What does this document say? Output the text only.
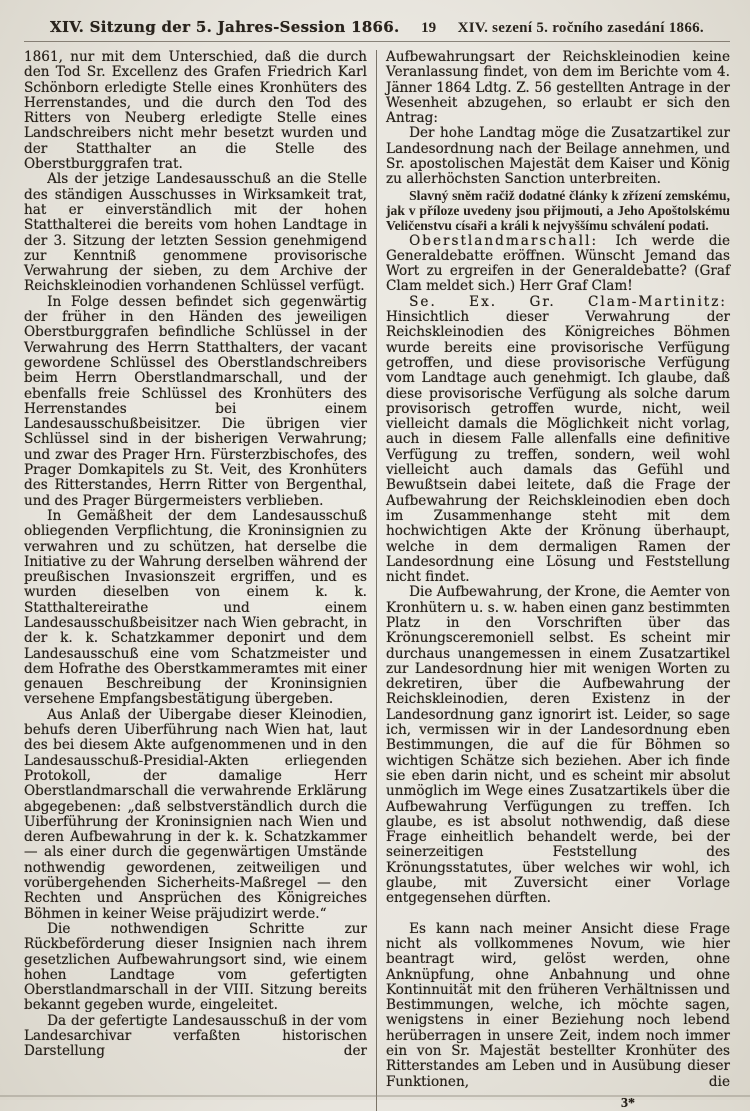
XIV. Sitzung der 5. Jahres-Session 1866.	19	XIV. sezení 5. ročního zasedání 1866.

1861, nur mit dem Unterschied, daß die durch den Tod Sr. Excellenz des Grafen Friedrich Karl Schönborn erledigte Stelle eines Kronhüters des Herrenstandes, und die durch den Tod des Ritters von Neuberg erledigte Stelle eines Landschreibers nicht mehr besetzt wurden und der Statthalter an die Stelle des Oberstburggrafen trat.

Als der jetzige Landesausschuß an die Stelle des ständigen Ausschusses in Wirksamkeit trat, hat er einverständlich mit der hohen Statthalterei die bereits vom hohen Landtage in der 3. Sitzung der letzten Session genehmigend zur Kenntniß genommene provisorische Verwahrung der sieben, zu dem Archive der Reichskleinodien vorhandenen Schlüssel verfügt.

In Folge dessen befindet sich gegenwärtig der früher in den Händen des jeweiligen Oberstburggrafen befindliche Schlüssel in der Verwahrung des Herrn Statthalters, der vacant gewordene Schlüssel des Oberstlandschreibers beim Herrn Oberstlandmarschall, und der ebenfalls freie Schlüssel des Kronhüters des Herrenstandes bei einem Landesausschußbeisitzer. Die übrigen vier Schlüssel sind in der bisherigen Verwahrung; und zwar des Prager Hrn. Fürsterzbischofes, des Prager Domkapitels zu St. Veit, des Kronhüters des Ritterstandes, Herrn Ritter von Bergenthal, und des Prager Bürgermeisters verblieben.

In Gemäßheit der dem Landesausschuß obliegenden Verpflichtung, die Kroninsignien zu verwahren und zu schützen, hat derselbe die Initiative zu der Wahrung derselben während der preußischen Invasionszeit ergriffen, und es wurden dieselben von einem k. k. Statthaltereirathe und einem Landesausschußbeisitzer nach Wien gebracht, in der k. k. Schatzkammer deponirt und dem Landesausschuß eine vom Schatzmeister und dem Hofrathe des Oberstkammeramtes mit einer genauen Beschreibung der Kroninsignien versehene Empfangsbestätigung übergeben.

Aus Anlaß der Uibergabe dieser Kleinodien, behufs deren Uiberführung nach Wien hat, laut des bei diesem Akte aufgenommenen und in den Landesausschuß-Presidial-Akten erliegenden Protokoll, der damalige Herr Oberstlandmarschall die verwahrende Erklärung abgegebenen: „daß selbstverständlich durch die Uiberführung der Kroninsignien nach Wien und deren Aufbewahrung in der k. k. Schatzkammer — als einer durch die gegenwärtigen Umstände nothwendig gewordenen, zeitweiligen und vorübergehenden Sicherheits-Maßregel — den Rechten und Ansprüchen des Königreiches Böhmen in keiner Weise präjudizirt werde.“

Die nothwendigen Schritte zur Rückbeförderung dieser Insignien nach ihrem gesetzlichen Aufbewahrungsort sind, wie einem hohen Landtage vom gefertigten Oberstlandmarschall in der VIII. Sitzung bereits bekannt gegeben wurde, eingeleitet.

Da der gefertigte Landesausschuß in der vom Landesarchivar verfaßten historischen Darstellung der

Aufbewahrungsart der Reichskleinodien keine Veranlassung findet, von dem im Berichte vom 4. Jänner 1864 Ldtg. Z. 56 gestellten Antrage in der Wesenheit abzugehen, so erlaubt er sich den Antrag:

Der hohe Landtag möge die Zusatzartikel zur Landesordnung nach der Beilage annehmen, und Sr. apostolischen Majestät dem Kaiser und König zu allerhöchsten Sanction unterbreiten.

Slavný sněm račiž dodatné články k zřízení zemskému, jak v příloze uvedeny jsou přijmouti, a Jeho Apoštolskému Veličenstvu císaři a králi k nejvyššímu schválení podati.

Oberstlandmarschall: Ich werde die Generaldebatte eröffnen. Wünscht Jemand das Wort zu ergreifen in der Generaldebatte? (Graf Clam meldet sich.) Herr Graf Clam!

Se. Ex. Gr. Clam-Martinitz: Hinsichtlich dieser Verwahrung der Reichskleinodien des Königreiches Böhmen wurde bereits eine provisorische Verfügung getroffen, und diese provisorische Verfügung vom Landtage auch genehmigt. Ich glaube, daß diese provisorische Verfügung als solche darum provisorisch getroffen wurde, nicht, weil vielleicht damals die Möglichkeit nicht vorlag, auch in diesem Falle allenfalls eine definitive Verfügung zu treffen, sondern, weil wohl vielleicht auch damals das Gefühl und Bewußtsein dabei leitete, daß die Frage der Aufbewahrung der Reichskleinodien eben doch im Zusammenhange steht mit dem hochwichtigen Akte der Krönung überhaupt, welche in dem dermaligen Ramen der Landesordnung eine Lösung und Feststellung nicht findet.

Die Aufbewahrung, der Krone, die Aemter von Kronhütern u. s. w. haben einen ganz bestimmten Platz in den Vorschriften über das Krönungsceremoniell selbst. Es scheint mir durchaus unangemessen in einem Zusatzartikel zur Landesordnung hier mit wenigen Worten zu dekretiren, über die Aufbewahrung der Reichskleinodien, deren Existenz in der Landesordnung ganz ignorirt ist. Leider, so sage ich, vermissen wir in der Landesordnung eben Bestimmungen, die auf die für Böhmen so wichtigen Schätze sich beziehen. Aber ich finde sie eben darin nicht, und es scheint mir absolut unmöglich im Wege eines Zusatzartikels über die Aufbewahrung Verfügungen zu treffen. Ich glaube, es ist absolut nothwendig, daß diese Frage einheitlich behandelt werde, bei der seinerzeitigen Feststellung des Krönungsstatutes, über welches wir wohl, ich glaube, mit Zuversicht einer Vorlage entgegensehen dürften.

Es kann nach meiner Ansicht diese Frage nicht als vollkommenes Novum, wie hier beantragt wird, gelöst werden, ohne Anknüpfung, ohne Anbahnung und ohne Kontinnuität mit den früheren Verhältnissen und Bestimmungen, welche, ich möchte sagen, wenigstens in einer Beziehung noch lebend herüberragen in unsere Zeit, indem noch immer ein von Sr. Majestät bestellter Kronhüter des Ritterstandes am Leben und in Ausübung dieser Funktionen, die

3*
